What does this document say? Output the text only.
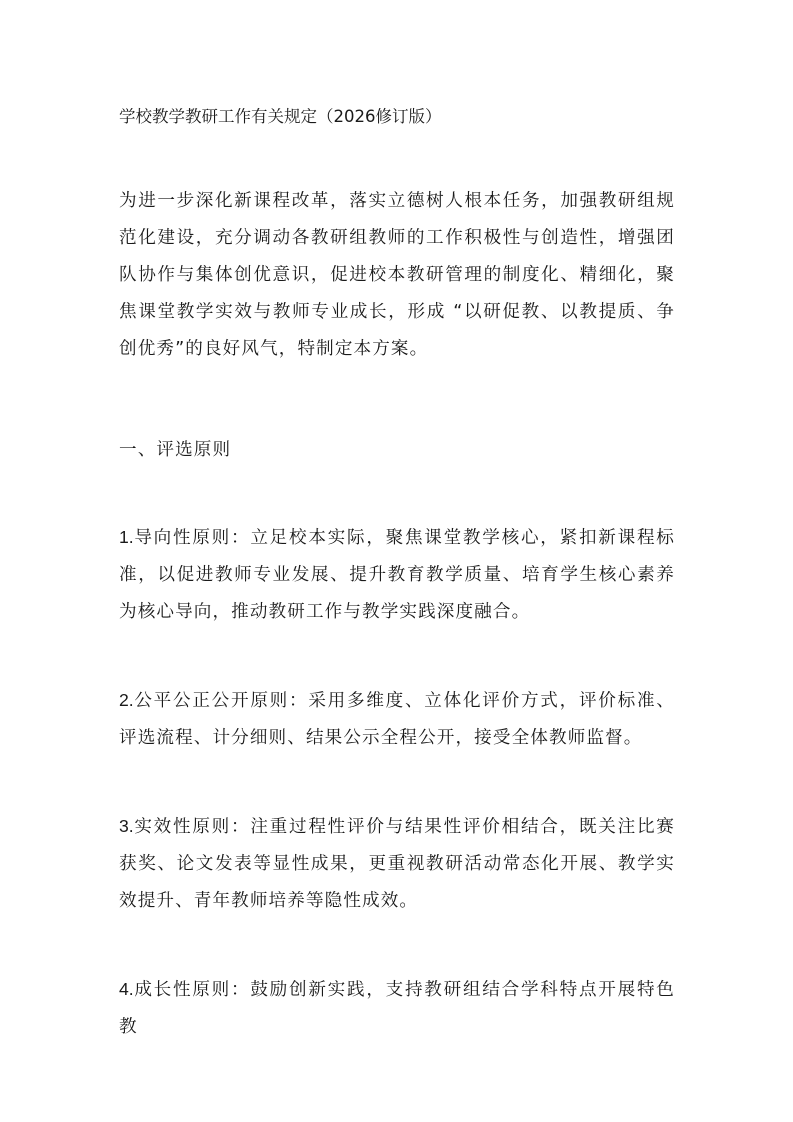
学校教学教研工作有关规定（2026修订版）
为进一步深化新课程改革，落实立德树人根本任务，加强教研组规范化建设，充分调动各教研组教师的工作积极性与创造性，增强团队协作与集体创优意识，促进校本教研管理的制度化、精细化，聚焦课堂教学实效与教师专业成长，形成 “以研促教、以教提质、争创优秀”的良好风气，特制定本方案。
一、评选原则
1.导向性原则：立足校本实际，聚焦课堂教学核心，紧扣新课程标准，以促进教师专业发展、提升教育教学质量、培育学生核心素养为核心导向，推动教研工作与教学实践深度融合。
2.公平公正公开原则：采用多维度、立体化评价方式，评价标准、评选流程、计分细则、结果公示全程公开，接受全体教师监督。
3.实效性原则：注重过程性评价与结果性评价相结合，既关注比赛获奖、论文发表等显性成果，更重视教研活动常态化开展、教学实效提升、青年教师培养等隐性成效。
4.成长性原则：鼓励创新实践，支持教研组结合学科特点开展特色教
